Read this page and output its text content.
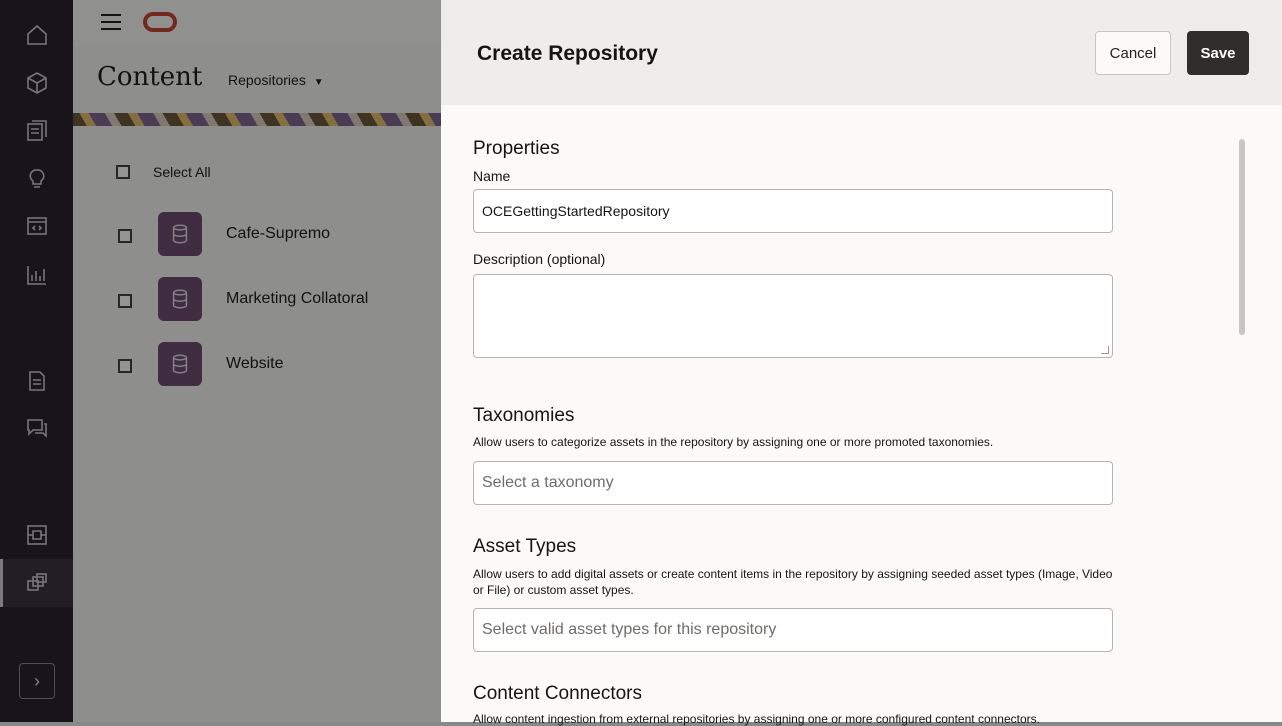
›
Content Repositories ▼
Select All
Cafe-Supremo
Marketing Collatoral
Website
Create Repository	Cancel	Save
Properties
Name
OCEGettingStartedRepository
Description (optional)
Taxonomies
Allow users to categorize assets in the repository by assigning one or more promoted taxonomies.
Select a taxonomy
Asset Types
Allow users to add digital assets or create content items in the repository by assigning seeded asset types (Image, Video or File) or custom asset types.
Select valid asset types for this repository
Content Connectors
Allow content ingestion from external repositories by assigning one or more configured content connectors.
